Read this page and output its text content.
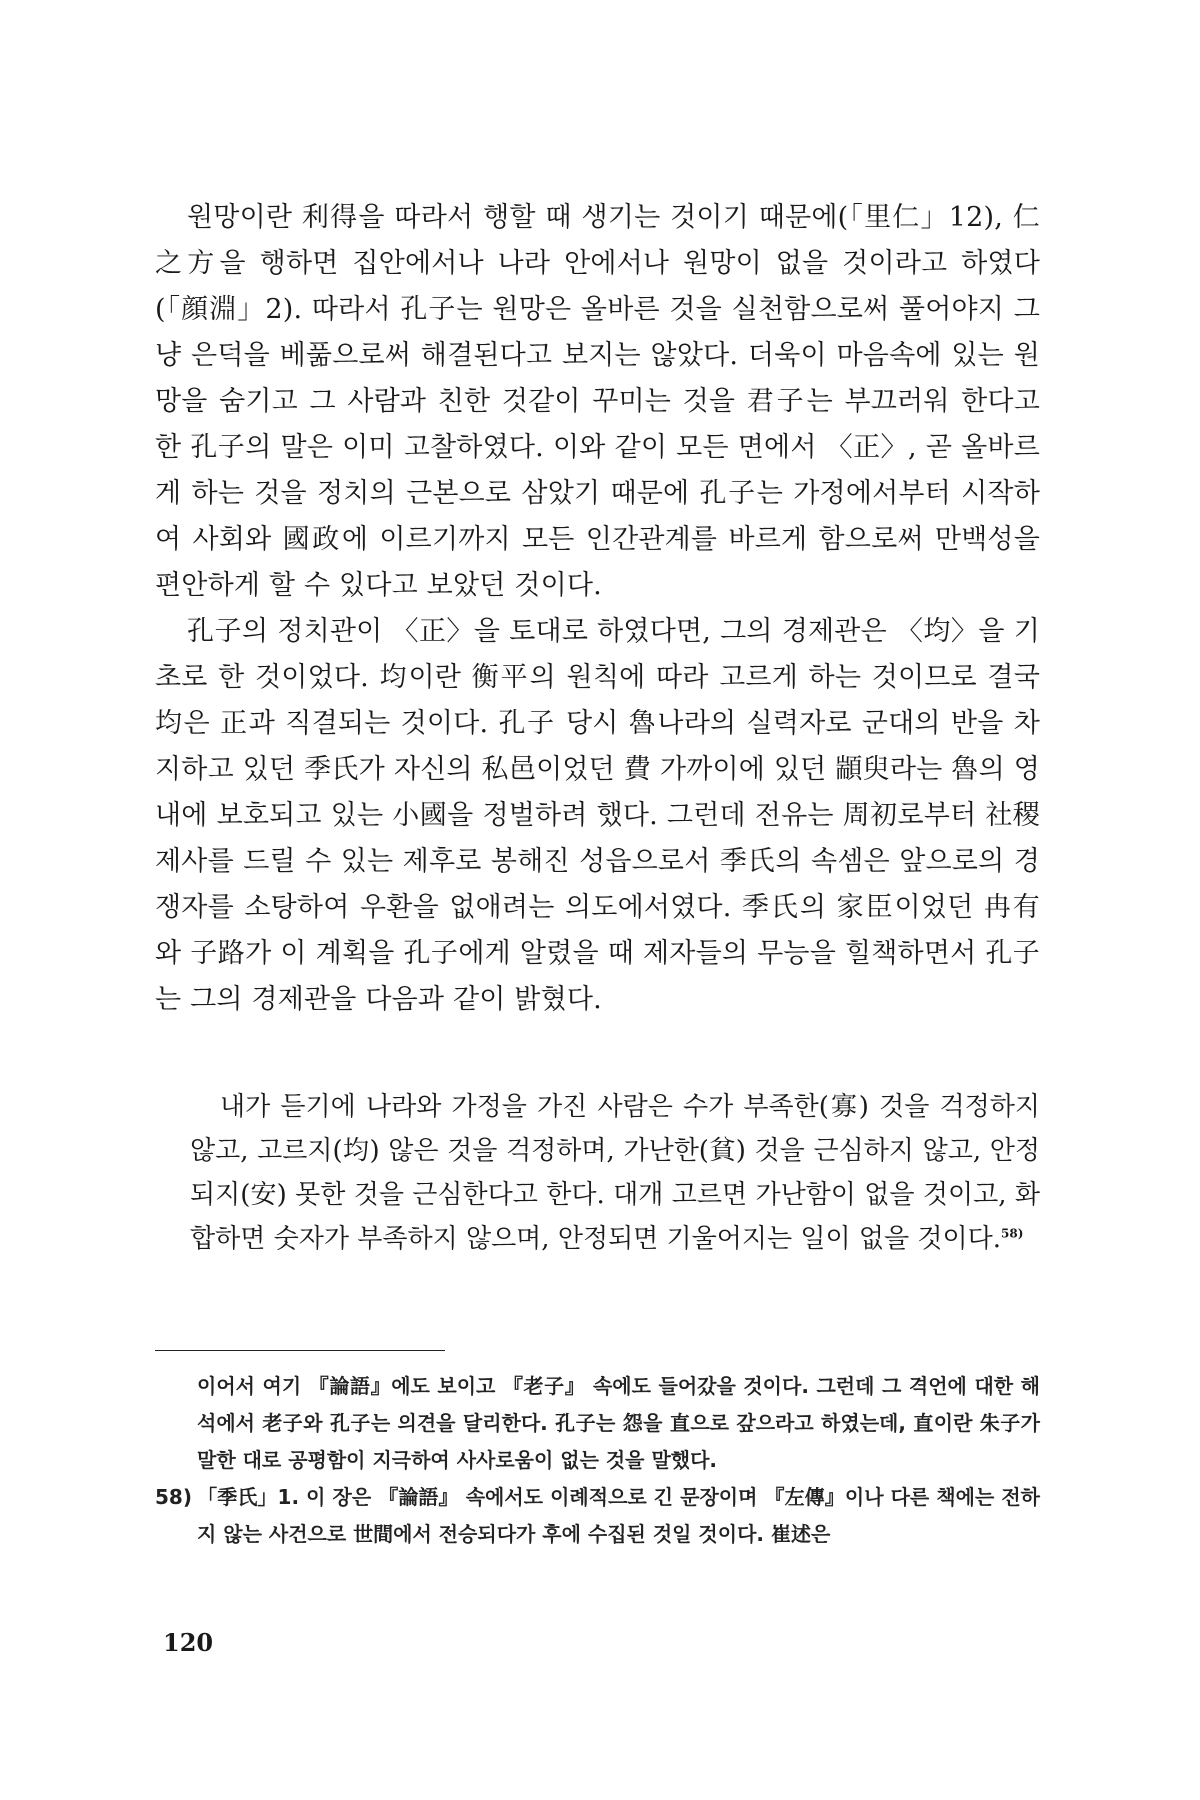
원망이란 利得을 따라서 행할 때 생기는 것이기 때문에(「里仁」12), 仁之方을 행하면 집안에서나 나라 안에서나 원망이 없을 것이라고 하였다(「顔淵」2). 따라서 孔子는 원망은 올바른 것을 실천함으로써 풀어야지 그냥 은덕을 베풂으로써 해결된다고 보지는 않았다. 더욱이 마음속에 있는 원망을 숨기고 그 사람과 친한 것같이 꾸미는 것을 君子는 부끄러워 한다고 한 孔子의 말은 이미 고찰하였다. 이와 같이 모든 면에서 〈正〉, 곧 올바르게 하는 것을 정치의 근본으로 삼았기 때문에 孔子는 가정에서부터 시작하여 사회와 國政에 이르기까지 모든 인간관계를 바르게 함으로써 만백성을 편안하게 할 수 있다고 보았던 것이다.

孔子의 정치관이 〈正〉을 토대로 하였다면, 그의 경제관은 〈均〉을 기초로 한 것이었다. 均이란 衡平의 원칙에 따라 고르게 하는 것이므로 결국 均은 正과 직결되는 것이다. 孔子 당시 魯나라의 실력자로 군대의 반을 차지하고 있던 季氏가 자신의 私邑이었던 費 가까이에 있던 顓臾라는 魯의 영내에 보호되고 있는 小國을 정벌하려 했다. 그런데 전유는 周初로부터 社稷제사를 드릴 수 있는 제후로 봉해진 성읍으로서 季氏의 속셈은 앞으로의 경쟁자를 소탕하여 우환을 없애려는 의도에서였다. 季氏의 家臣이었던 冉有와 子路가 이 계획을 孔子에게 알렸을 때 제자들의 무능을 힐책하면서 孔子는 그의 경제관을 다음과 같이 밝혔다.

내가 듣기에 나라와 가정을 가진 사람은 수가 부족한(寡) 것을 걱정하지 않고, 고르지(均) 않은 것을 걱정하며, 가난한(貧) 것을 근심하지 않고, 안정되지(安) 못한 것을 근심한다고 한다. 대개 고르면 가난함이 없을 것이고, 화합하면 숫자가 부족하지 않으며, 안정되면 기울어지는 일이 없을 것이다.$^{58)}$

이어서 여기 『論語』에도 보이고 『老子』 속에도 들어갔을 것이다. 그런데 그 격언에 대한 해석에서 老子와 孔子는 의견을 달리한다. 孔子는 怨을 直으로 갚으라고 하였는데, 直이란 朱子가 말한 대로 공평함이 지극하여 사사로움이 없는 것을 말했다.

58) 「季氏」1. 이 장은 『論語』 속에서도 이례적으로 긴 문장이며 『左傳』이나 다른 책에는 전하지 않는 사건으로 世間에서 전승되다가 후에 수집된 것일 것이다. 崔述은

120
